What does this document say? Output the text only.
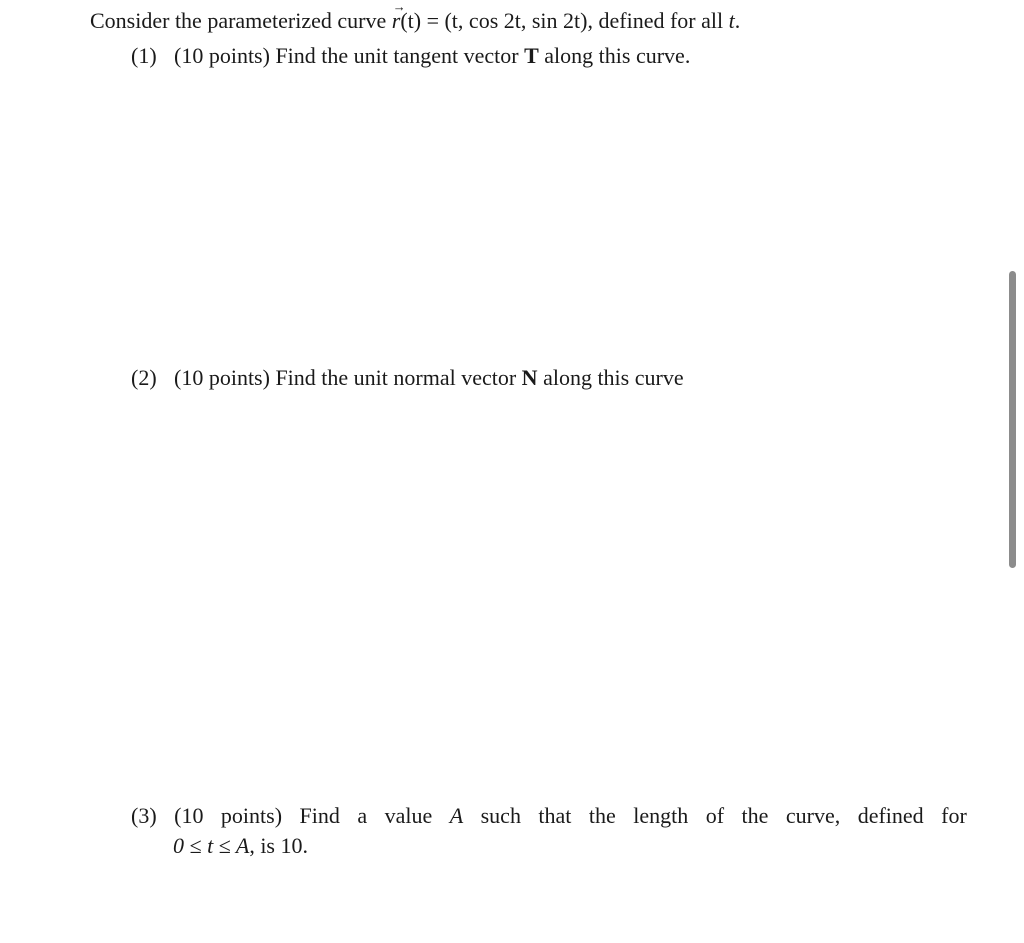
Consider the parameterized curve → r(t) = (t, cos 2t, sin 2t), defined for all t.
(1) (10 points) Find the unit tangent vector T along this curve.
(2) (10 points) Find the unit normal vector N along this curve
(3) (10 points) Find a value A such that the length of the curve, defined for
0 ≤ t ≤ A, is 10.
